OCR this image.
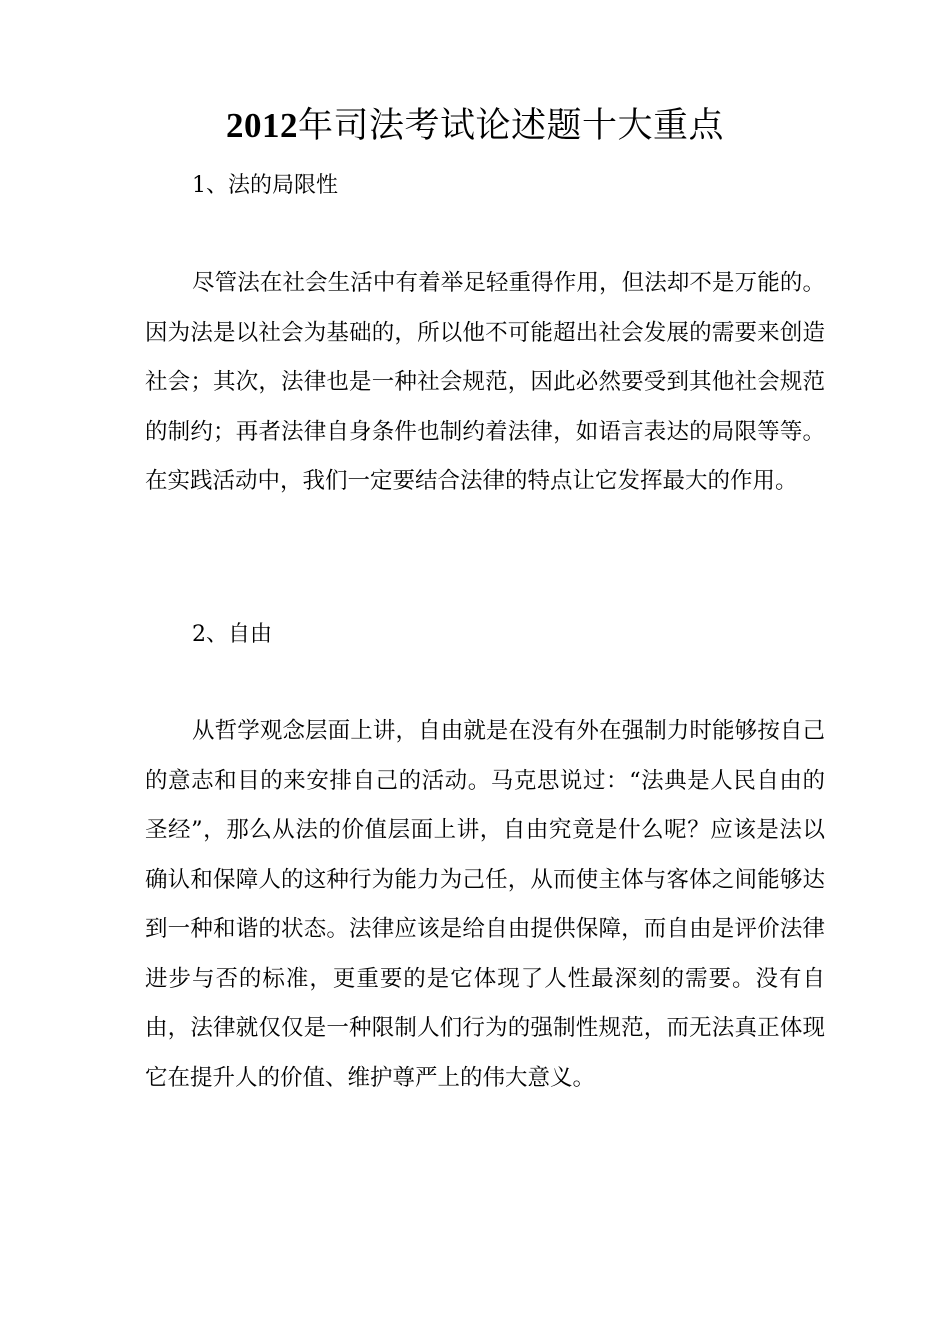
2012年司法考试论述题十大重点
1、法的局限性

尽管法在社会生活中有着举足轻重得作用，但法却不是万能的。因为法是以社会为基础的，所以他不可能超出社会发展的需要来创造社会；其次，法律也是一种社会规范，因此必然要受到其他社会规范的制约；再者法律自身条件也制约着法律，如语言表达的局限等等。在实践活动中，我们一定要结合法律的特点让它发挥最大的作用。

2、自由

从哲学观念层面上讲，自由就是在没有外在强制力时能够按自己的意志和目的来安排自己的活动。马克思说过：“法典是人民自由的圣经”，那么从法的价值层面上讲，自由究竟是什么呢？应该是法以确认和保障人的这种行为能力为己任，从而使主体与客体之间能够达到一种和谐的状态。法律应该是给自由提供保障，而自由是评价法律进步与否的标准，更重要的是它体现了人性最深刻的需要。没有自由，法律就仅仅是一种限制人们行为的强制性规范，而无法真正体现它在提升人的价值、维护尊严上的伟大意义。
